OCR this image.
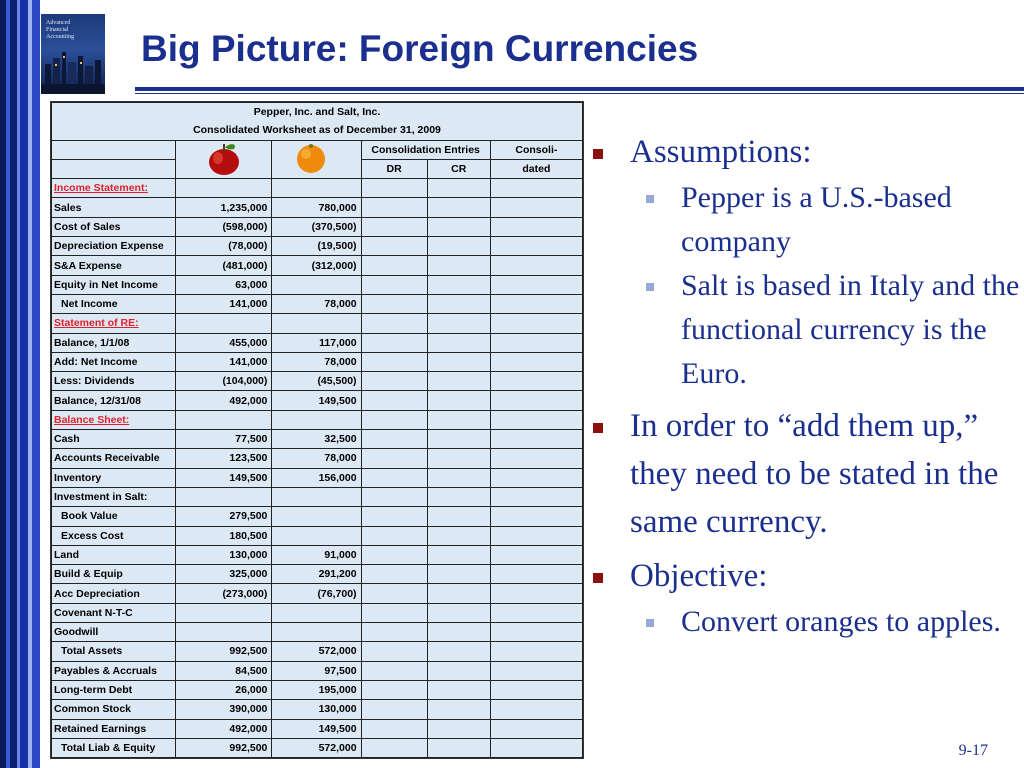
Advanced
Financial
Accounting	Big Picture: Foreign Currencies
Pepper, Inc. and Salt, Inc.					
Consolidated Worksheet as of December 31, 2009					

	Consolidation Entries		Consoli-
			DR	CR	dated
Income Statement:					
Sales	1,235,000	780,000			
Cost of Sales	(598,000)	(370,500)			
Depreciation Expense	(78,000)	(19,500)			
S&A Expense	(481,000)	(312,000)			
Equity in Net Income	63,000				
Net Income	141,000	78,000			
Statement of RE:					
Balance, 1/1/08	455,000	117,000			
Add: Net Income	141,000	78,000			
Less: Dividends	(104,000)	(45,500)			
Balance, 12/31/08	492,000	149,500			
Balance Sheet:					
Cash	77,500	32,500			
Accounts Receivable	123,500	78,000			
Inventory	149,500	156,000			
Investment in Salt:					
Book Value	279,500				
Excess Cost	180,500				
Land	130,000	91,000			
Build & Equip	325,000	291,200			
Acc Depreciation	(273,000)	(76,700)			
Covenant N-T-C					
Goodwill					
Total Assets	992,500	572,000			
Payables & Accruals	84,500	97,500			
Long-term Debt	26,000	195,000			
Common Stock	390,000	130,000			
Retained Earnings	492,000	149,500			
Total Liab & Equity	992,500	572,000			
Assumptions:
Pepper is a U.S.-based company
Salt is based in Italy and the functional currency is the Euro.
In order to “add them up,” they need to be stated in the same currency.
Objective:
Convert oranges to apples.
9-17
